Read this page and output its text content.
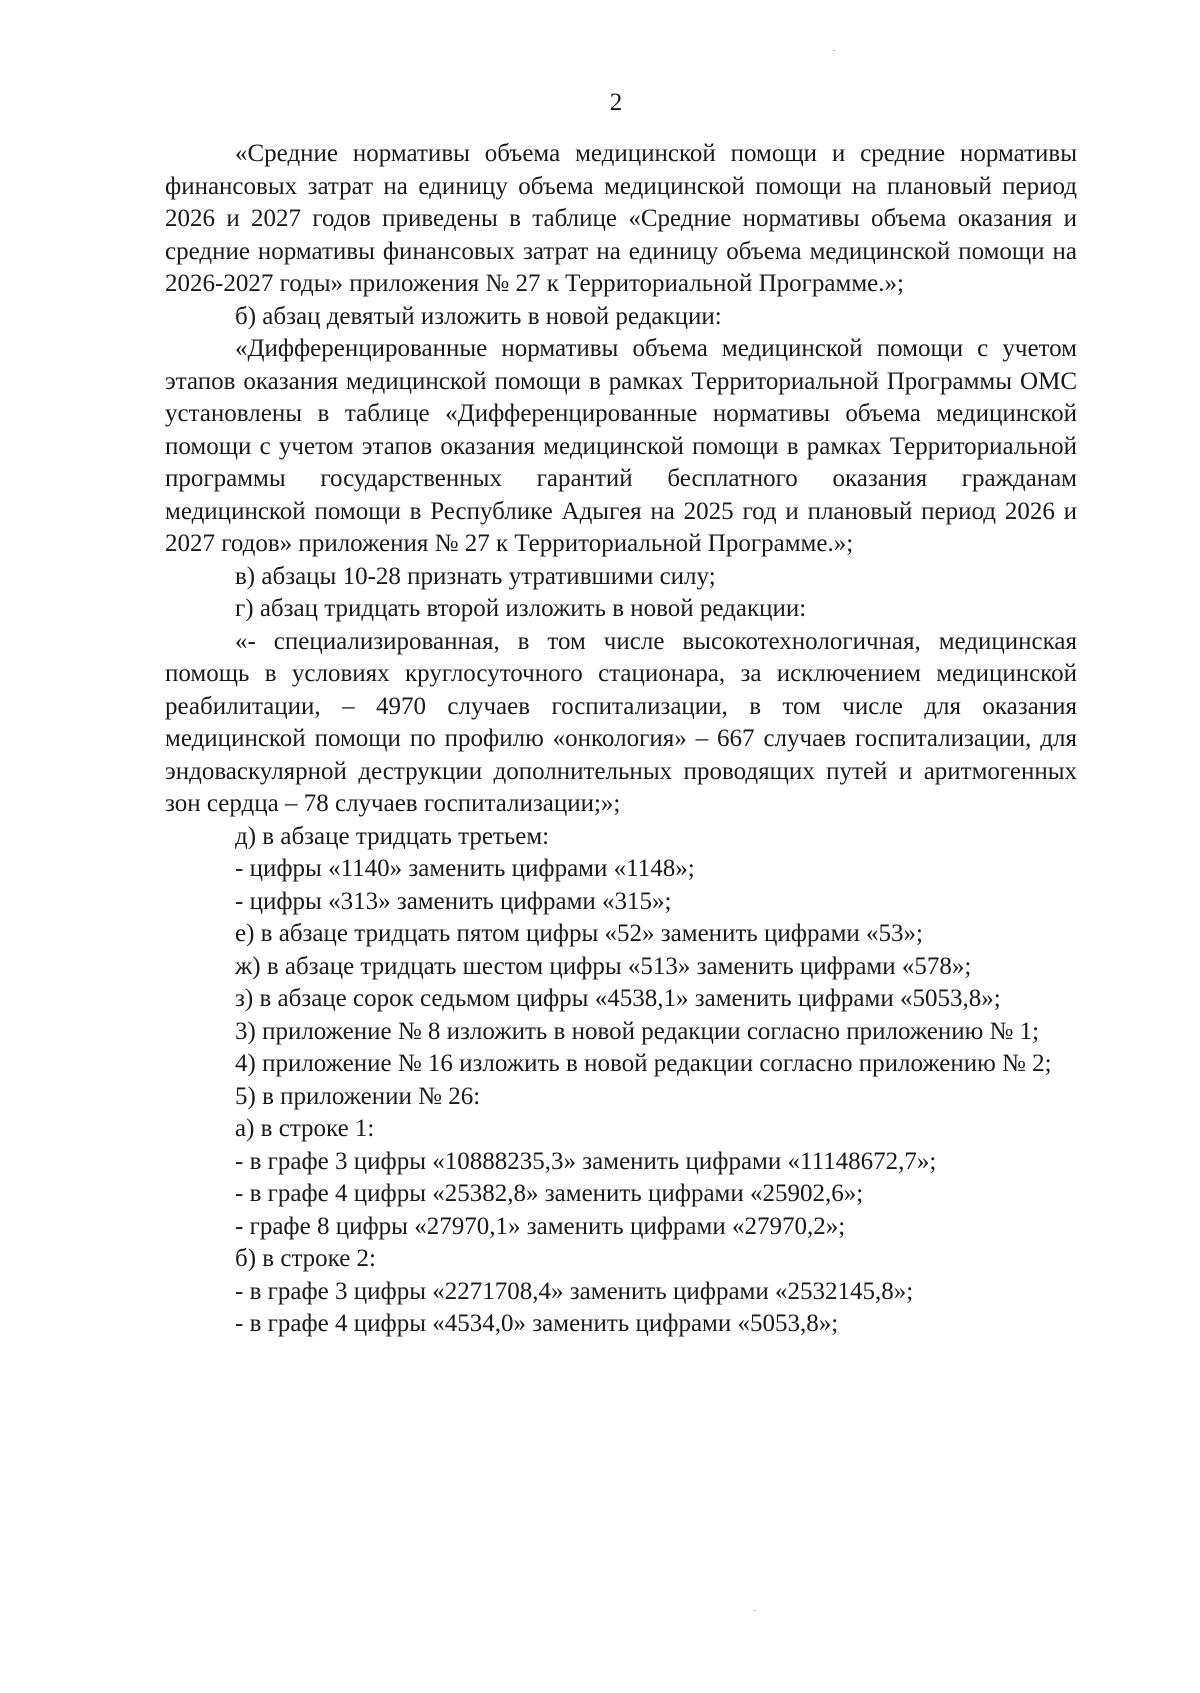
2

«Средние нормативы объема медицинской помощи и средние нормативы финансовых затрат на единицу объема медицинской помощи на плановый период 2026 и 2027 годов приведены в таблице «Средние нормативы объема оказания и средние нормативы финансовых затрат на единицу объема медицинской помощи на 2026-2027 годы» приложения № 27 к Территориальной Программе.»;

б) абзац девятый изложить в новой редакции:

«Дифференцированные нормативы объема медицинской помощи с учетом этапов оказания медицинской помощи в рамках Территориальной Программы ОМС установлены в таблице «Дифференцированные нормативы объема медицинской помощи с учетом этапов оказания медицинской помощи в рамках Территориальной программы государственных гарантий бесплатного оказания гражданам медицинской помощи в Республике Адыгея на 2025 год и плановый период 2026 и 2027 годов» приложения № 27 к Территориальной Программе.»;

в) абзацы 10-28 признать утратившими силу;

г) абзац тридцать второй изложить в новой редакции:

«- специализированная, в том числе высокотехнологичная, медицинская помощь в условиях круглосуточного стационара, за исключением медицинской реабилитации, – 4970 случаев госпитализации, в том числе для оказания медицинской помощи по профилю «онкология» – 667 случаев госпитализации, для эндоваскулярной деструкции дополнительных проводящих путей и аритмогенных зон сердца – 78 случаев госпитализации;»;

д) в абзаце тридцать третьем:

- цифры «1140» заменить цифрами «1148»;

- цифры «313» заменить цифрами «315»;

е) в абзаце тридцать пятом цифры «52» заменить цифрами «53»;

ж) в абзаце тридцать шестом цифры «513» заменить цифрами «578»;

з) в абзаце сорок седьмом цифры «4538,1» заменить цифрами «5053,8»;

3) приложение № 8 изложить в новой редакции согласно приложению № 1;

4) приложение № 16 изложить в новой редакции согласно приложению № 2;

5) в приложении № 26:

а) в строке 1:

- в графе 3 цифры «10888235,3» заменить цифрами «11148672,7»;

- в графе 4 цифры «25382,8» заменить цифрами «25902,6»;

- графе 8 цифры «27970,1» заменить цифрами «27970,2»;

б) в строке 2:

- в графе 3 цифры «2271708,4» заменить цифрами «2532145,8»;

- в графе 4 цифры «4534,0» заменить цифрами «5053,8»;
